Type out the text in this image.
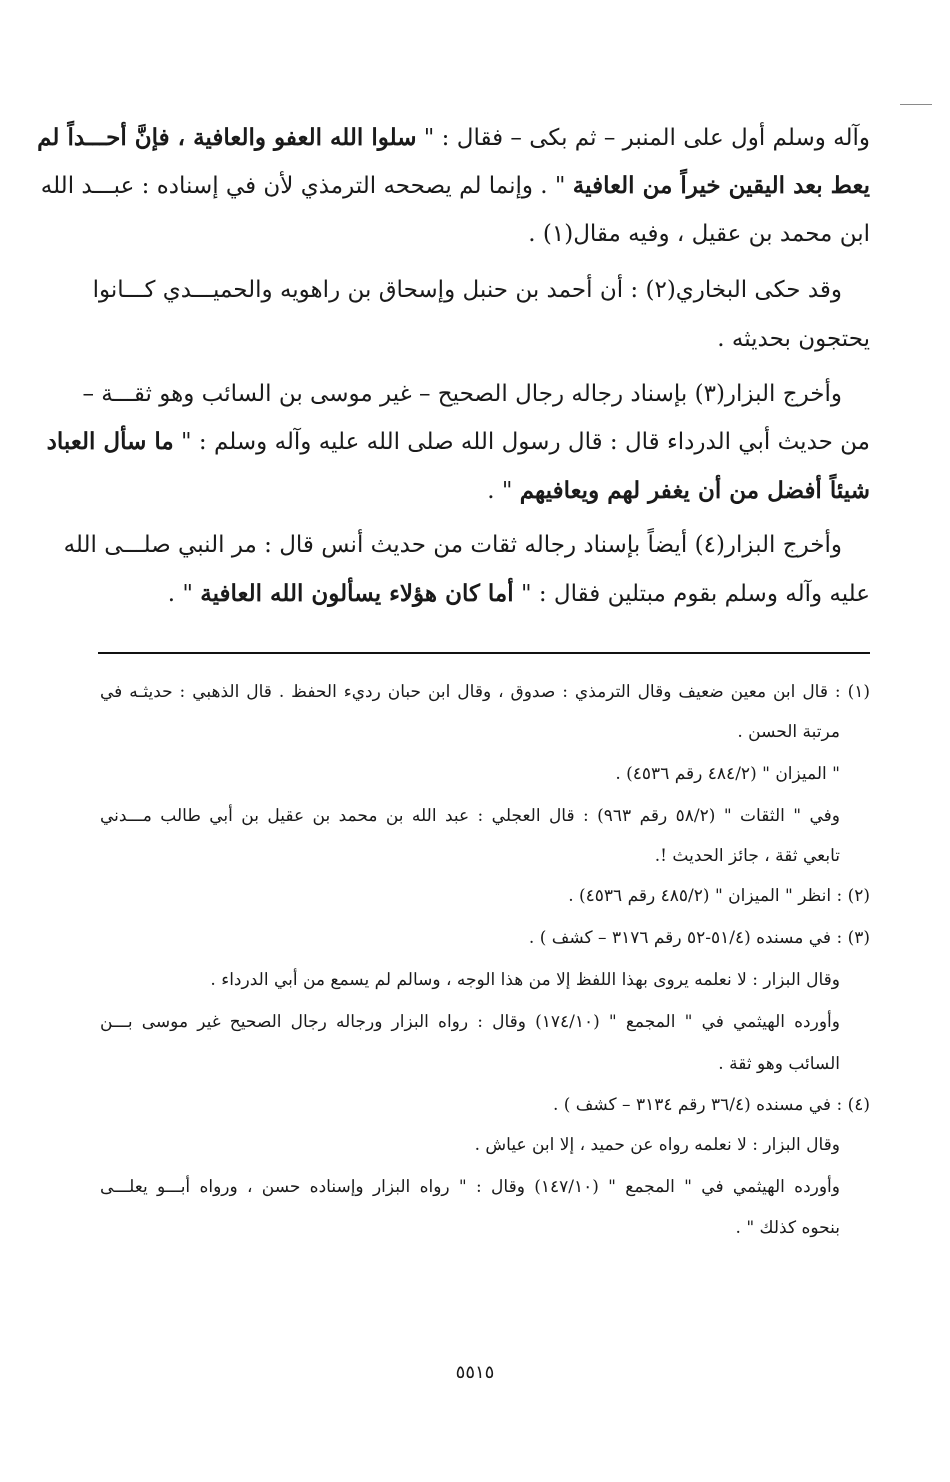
وآله وسلم أول على المنبر – ثم بكى – فقال : " سلوا الله العفو والعافية ، فإنَّ أحـــداً لم
يعط بعد اليقين خيراً من العافية " . وإنما لم يصححه الترمذي لأن في إسناده : عبـــد الله
ابن محمد بن عقيل ، وفيه مقال(١) .
وقد حكى البخاري(٢) : أن أحمد بن حنبل وإسحاق بن راهويه والحميـــدي كـــانوا
يحتجون بحديثه .
وأخرج البزار(٣) بإسناد رجاله رجال الصحيح – غير موسى بن السائب وهو ثقـــة –
من حديث أبي الدرداء قال : قال رسول الله صلى الله عليه وآله وسلم : " ما سأل العباد
شيئاً أفضل من أن يغفر لهم ويعافيهم " .
وأخرج البزار(٤) أيضاً بإسناد رجاله ثقات من حديث أنس قال : مر النبي صلـــى الله
عليه وآله وسلم بقوم مبتلين فقال : " أما كان هؤلاء يسألون الله العافية " .
(١) : قال ابن معين ضعيف وقال الترمذي : صدوق ، وقال ابن حبان رديء الحفظ . قال الذهبي : حديثـه في
مرتبة الحسن .
" الميزان " (٤٨٤/٢ رقم ٤٥٣٦) .
وفي " الثقات " (٥٨/٢ رقم ٩٦٣) : قال العجلي : عبد الله بن محمد بن عقيل بن أبي طالب مـــدني
تابعي ثقة ، جائز الحديث !.
(٢) : انظر " الميزان " (٤٨٥/٢ رقم ٤٥٣٦) .
(٣) : في مسنده (٥١/٤-٥٢ رقم ٣١٧٦ – كشف ) .
وقال البزار : لا نعلمه يروى بهذا اللفظ إلا من هذا الوجه ، وسالم لم يسمع من أبي الدرداء .
وأورده الهيثمي في " المجمع " (١٧٤/١٠) وقال : رواه البزار ورجاله رجال الصحيح غير موسى بـــن
السائب وهو ثقة .
(٤) : في مسنده (٣٦/٤ رقم ٣١٣٤ – كشف ) .
وقال البزار : لا نعلمه رواه عن حميد ، إلا ابن عياش .
وأورده الهيثمي في " المجمع " (١٤٧/١٠) وقال : " رواه البزار وإسناده حسن ، ورواه أبـــو يعلـــى
بنحوه كذلك " .
٥٥١٥
